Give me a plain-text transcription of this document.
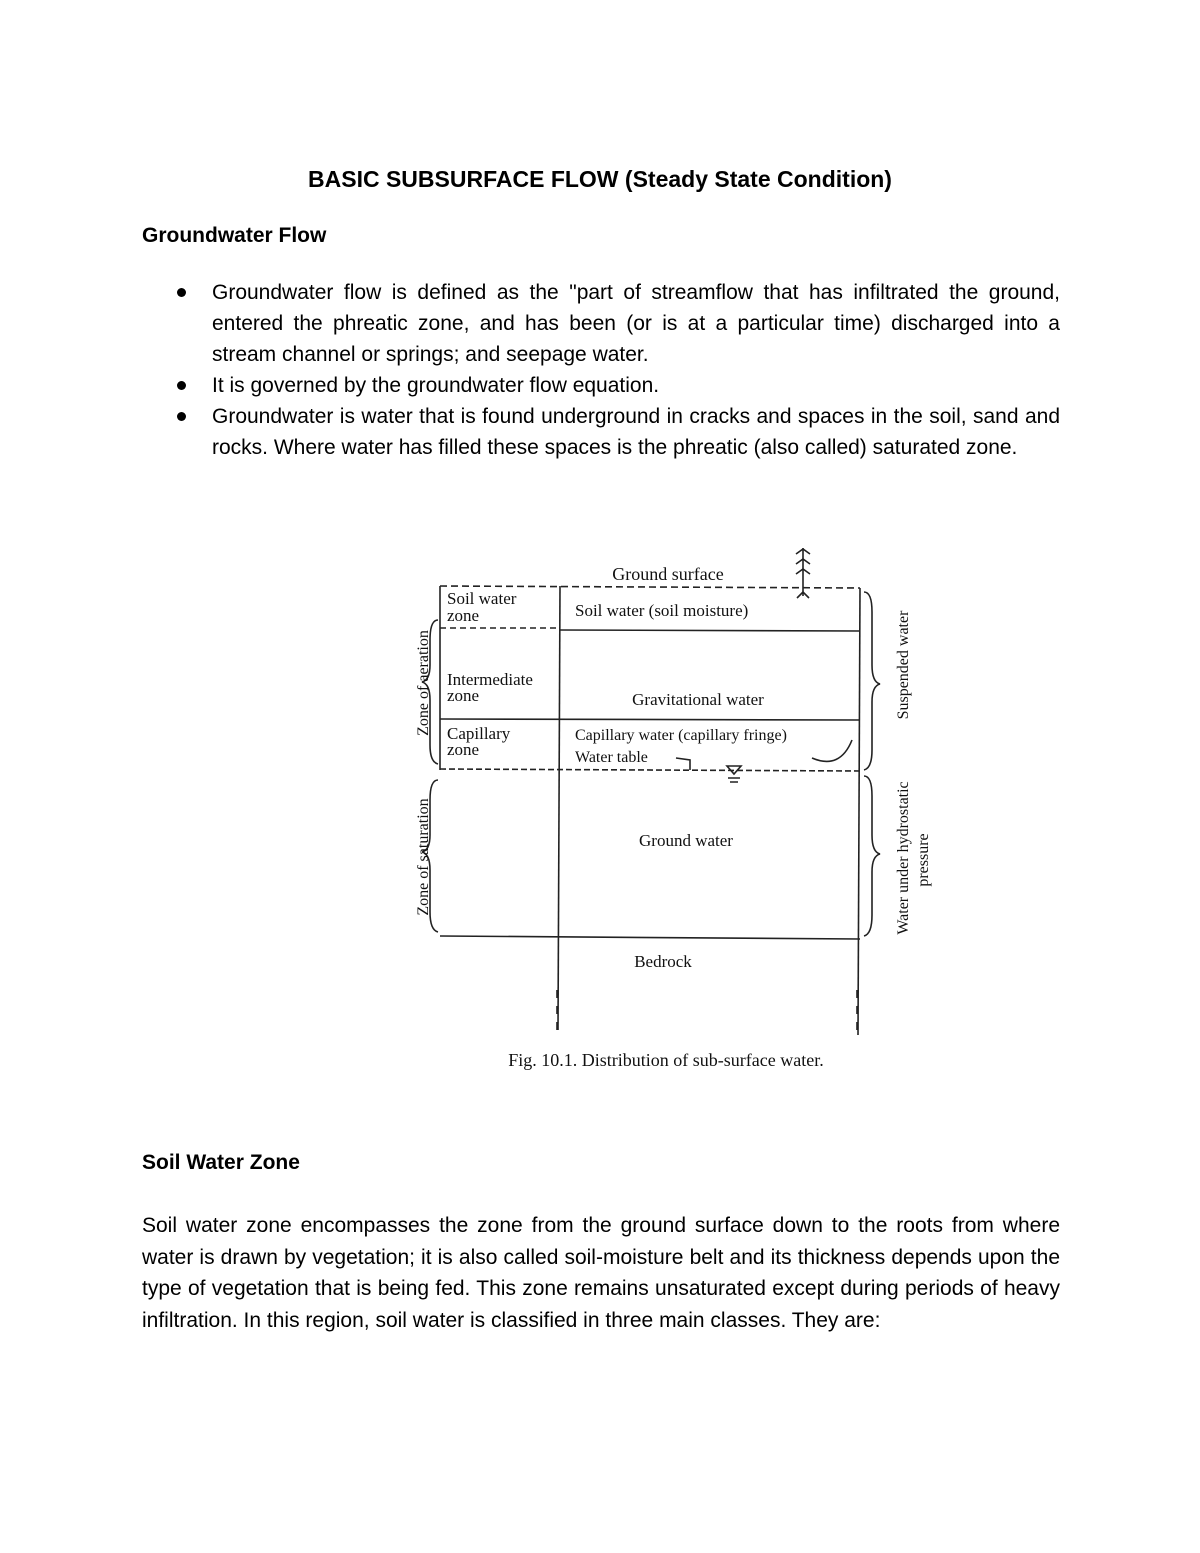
BASIC SUBSURFACE FLOW (Steady State Condition)
Groundwater Flow
Groundwater flow is defined as the "part of streamflow that has infiltrated the ground, entered the phreatic zone, and has been (or is at a particular time) discharged into a stream channel or springs; and seepage water.
It is governed by the groundwater flow equation.
Groundwater is water that is found underground in cracks and spaces in the soil, sand and rocks. Where water has filled these spaces is the phreatic (also called) saturated zone.
Ground surface
Soil water
zone
Intermediate
zone
Capillary
zone
Soil water (soil moisture)
Gravitational water
Capillary water (capillary fringe)
Water table
Ground water
Bedrock
Zone of aeration
Zone of saturation
Suspended water
Water under hydrostatic pressure
Fig. 10.1. Distribution of sub-surface water.
Soil Water Zone

Soil water zone encompasses the zone from the ground surface down to the roots from where water is drawn by vegetation; it is also called soil-moisture belt and its thickness depends upon the type of vegetation that is being fed. This zone remains unsaturated except during periods of heavy infiltration. In this region, soil water is classified in three main classes. They are:
